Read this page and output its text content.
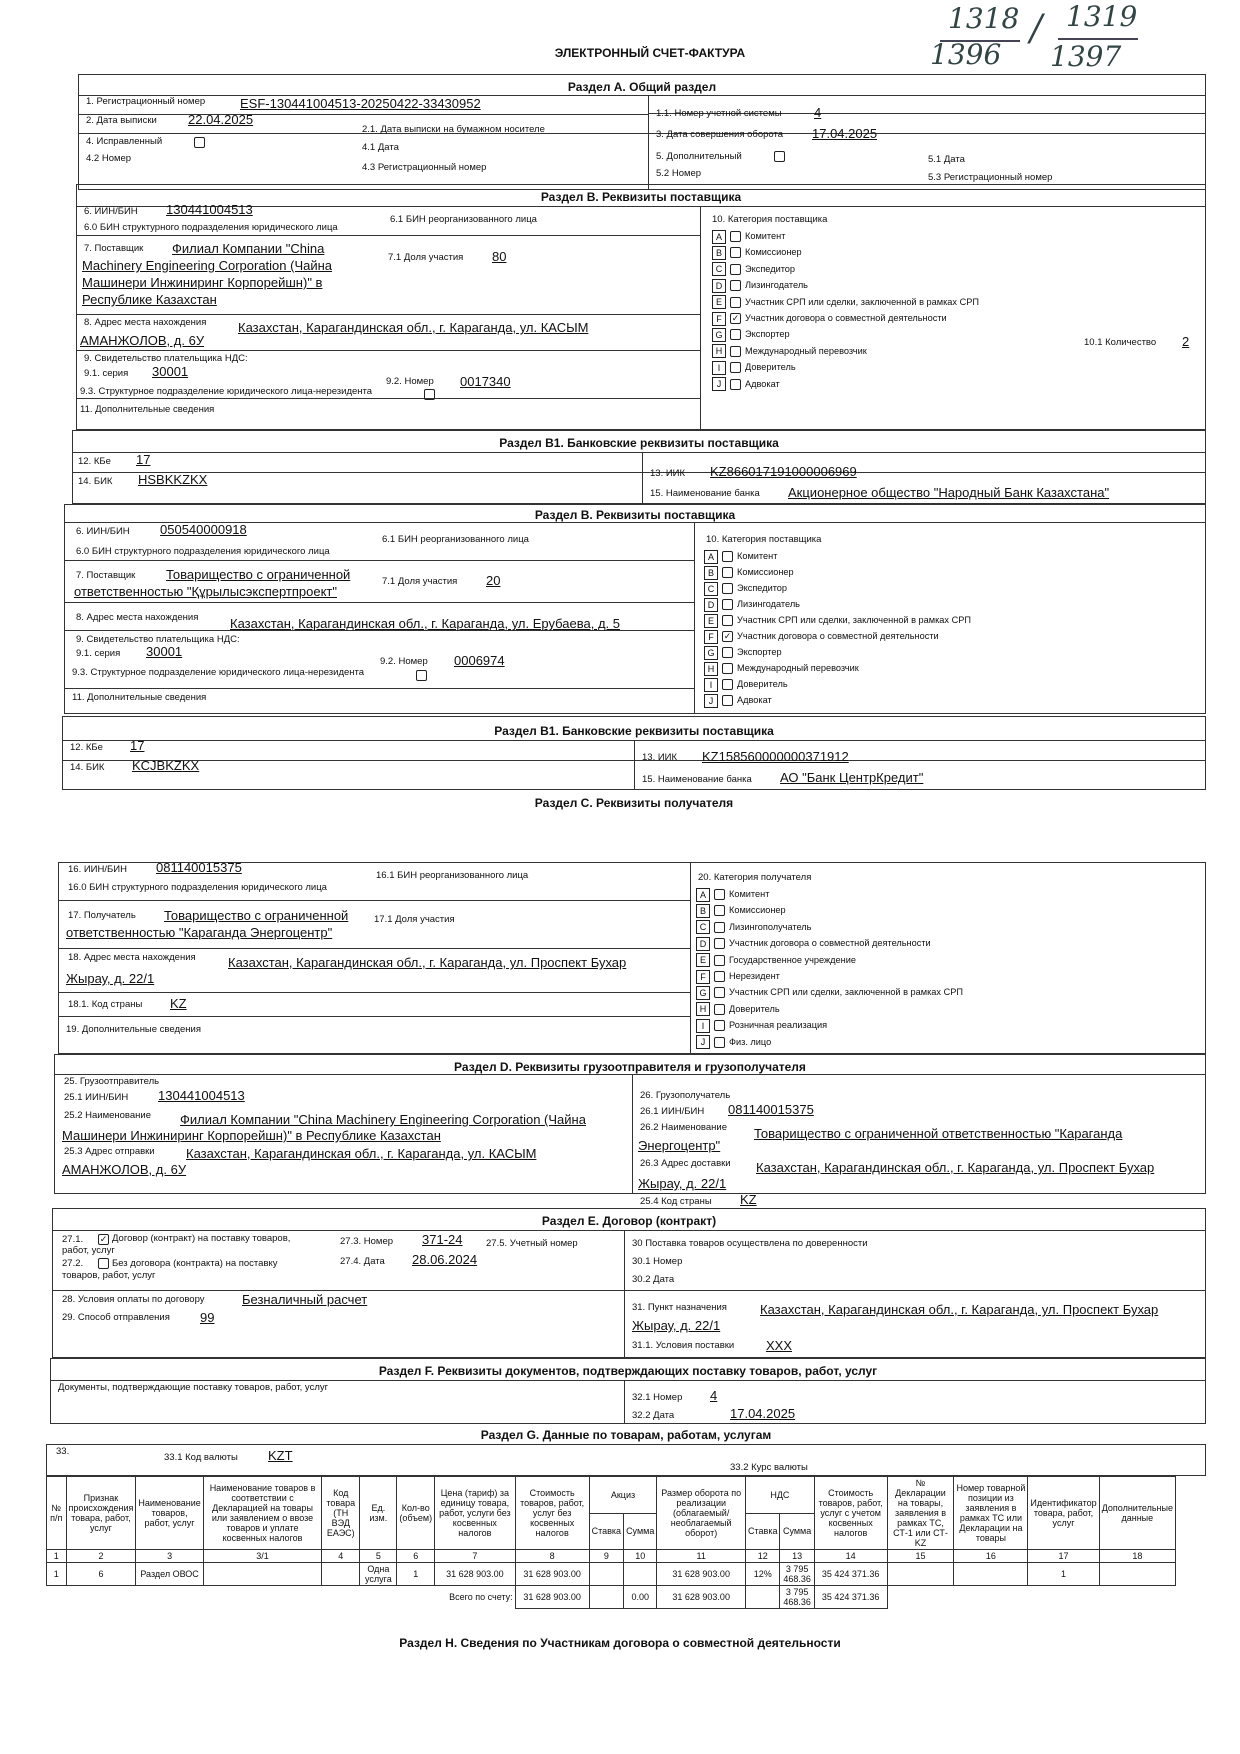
1318
1396
/ 1319
1397
ЭЛЕКТРОННЫЙ СЧЕТ-ФАКТУРА
Раздел А. Общий раздел
1. Регистрационный номер	ESF-130441004513-20250422-33430952
2. Дата выписки 22.04.2025
2.1. Дата выписки на бумажном носителе
1.1. Номер учетной системы 4
3. Дата совершения оборота 17.04.2025
4. Исправленный
4.1 Дата
4.2 Номер
4.3 Регистрационный номер
5. Дополнительный	5.1 Дата
5.2 Номер	5.3 Регистрационный номер
Раздел В. Реквизиты поставщика
6. ИИН/БИН 130441004513
6.1 БИН реорганизованного лица
6.0 БИН структурного подразделения юридического лица
7. Поставщик	Филиал Компании "China
Machinery Engineering Corporation (Чайна
Машинери Инжиниринг Корпорейшн)" в
Республике Казахстан
7.1 Доля участия 80
8. Адрес места нахождения Казахстан, Карагандинская обл., г. Караганда, ул. КАСЫМ
АМАНЖОЛОВ, д. 6У
9. Свидетельство плательщика НДС:
9.1. серия 30001
9.2. Номер 0017340
9.3. Структурное подразделение юридического лица-нерезидента
11. Дополнительные сведения
10. Категория поставщика
A	Комитент
B	Комиссионер
C Экспедитор
D Лизингодатель
E	Участник СРП или сделки, заключенной в рамках СРП
F ✓ Участник договора о совместной деятельности
G Экспортер
H Международный перевозчик
I	Доверитель
J	Адвокат
10.1 Количество 2
Раздел В1. Банковские реквизиты поставщика
12. КБе 17
13. ИИК KZ866017191000006969
14. БИК HSBKKZKX
15. Наименование банка Акционерное общество "Народный Банк Казахстана"
Раздел В. Реквизиты поставщика
6. ИИН/БИН 050540000918
6.1 БИН реорганизованного лица
6.0 БИН структурного подразделения юридического лица
7. Поставщик Товарищество с ограниченной
ответственностью "Құрылысэкспертпроект"
7.1 Доля участия 20
8. Адрес места нахождения Казахстан, Карагандинская обл., г. Караганда, ул. Ерубаева, д. 5
9. Свидетельство плательщика НДС:
9.1. серия 30001
9.2. Номер 0006974
9.3. Структурное подразделение юридического лица-нерезидента
11. Дополнительные сведения
10. Категория поставщика
A	Комитент
B	Комиссионер
C Экспедитор
D Лизингодатель
E	Участник СРП или сделки, заключенной в рамках СРП
F ✓ Участник договора о совместной деятельности
G Экспортер
H Международный перевозчик
I	Доверитель
J	Адвокат
Раздел В1. Банковские реквизиты поставщика
12. КБе 17
13. ИИК KZ158560000000371912
14. БИК KCJBKZKX
15. Наименование банка АО "Банк ЦентрКредит"
Раздел С. Реквизиты получателя
16. ИИН/БИН 081140015375
16.1 БИН реорганизованного лица
16.0 БИН структурного подразделения юридического лица
17. Получатель Товарищество с ограниченной
ответственностью "Караганда Энергоцентр"
17.1 Доля участия
18. Адрес места нахождения Казахстан, Карагандинская обл., г. Караганда, ул. Проспект Бухар
Жырау, д. 22/1
18.1. Код страны KZ
19. Дополнительные сведения
20. Категория получателя
A	Комитент
B	Комиссионер
C Лизингополучатель
D Участник договора о совместной деятельности
E	Государственное учреждение
F	Нерезидент
G Участник СРП или сделки, заключенной в рамках СРП
H Доверитель
I	Розничная реализация
J	Физ. лицо
Раздел D. Реквизиты грузоотправителя и грузополучателя
25. Грузоотправитель
25.1 ИИН/БИН 130441004513
25.2 Наименование Филиал Компании "China Machinery Engineering Corporation (Чайна
Машинери Инжиниринг Корпорейшн)" в Республике Казахстан
25.3 Адрес отправки Казахстан, Карагандинская обл., г. Караганда, ул. КАСЫМ
АМАНЖОЛОВ, д. 6У
26. Грузополучатель
26.1 ИИН/БИН 081140015375
26.2 Наименование Товарищество с ограниченной ответственностью "Караганда
Энергоцентр"
26.3 Адрес доставки Казахстан, Карагандинская обл., г. Караганда, ул. Проспект Бухар
Жырау, д. 22/1
25.4 Код страны KZ
Раздел Е. Договор (контракт)
27.1. ✓ Договор (контракт) на поставку товаров,
работ, услуг
27.2.	Без договора (контракта) на поставку
товаров, работ, услуг
27.3. Номер 371-24 27.5. Учетный номер
27.4. Дата 28.06.2024
30 Поставка товаров осуществлена по доверенности
30.1 Номер
30.2 Дата
28. Условия оплаты по договору	Безналичный расчет
29. Способ отправления 99
31. Пункт назначения	Казахстан, Карагандинская обл., г. Караганда, ул. Проспект Бухар
Жырау, д. 22/1
31.1. Условия поставки XXX
Раздел F. Реквизиты документов, подтверждающих поставку товаров, работ, услуг
Документы, подтверждающие поставку товаров, работ, услуг
32.1 Номер 4
32.2 Дата	17.04.2025
Раздел G. Данные по товарам, работам, услугам
33.
33.1 Код валюты KZT
33.2 Курс валюты
№ п/п	Признак происхождения товара, работ, услуг	Наименование товаров, работ, услуг	Наименование товаров в соответствии с Декларацией на товары или заявлением о ввозе товаров и уплате косвенных налогов	Код товара (ТН ВЭД ЕАЭС)	Ед. изм.	Кол-во (объем)	Цена (тариф) за единицу товара, работ, услуги без косвенных налогов	Стоимость товаров, работ, услуг без косвенных налогов	Акциз		Размер оборота по реализации (облагаемый/необлагаемый оборот)	НДС		Стоимость товаров, работ, услуг с учетом косвенных налогов	№ Декларации на товары, заявления в рамках ТС, СТ-1 или СТ-KZ	Номер товарной позиции из заявления в рамках ТС или Декларации на товары	Идентификатор товара, работ, услуг	Дополнительные данные
									Ставка	Сумма		Ставка	Сумма					
1	2	3	3/1	4	5	6	7	8	9	10	11	12	13	14	15	16	17	18
1	6	Раздел ОВОС			Одна услуга	1	31 628 903.00	31 628 903.00			31 628 903.00	12%	3 795 468.36	35 424 371.36			1	
Всего по счету:								31 628 903.00		0.00	31 628 903.00		3 795 468.36	35 424 371.36				
Раздел Н. Сведения по Участникам договора о совместной деятельности
